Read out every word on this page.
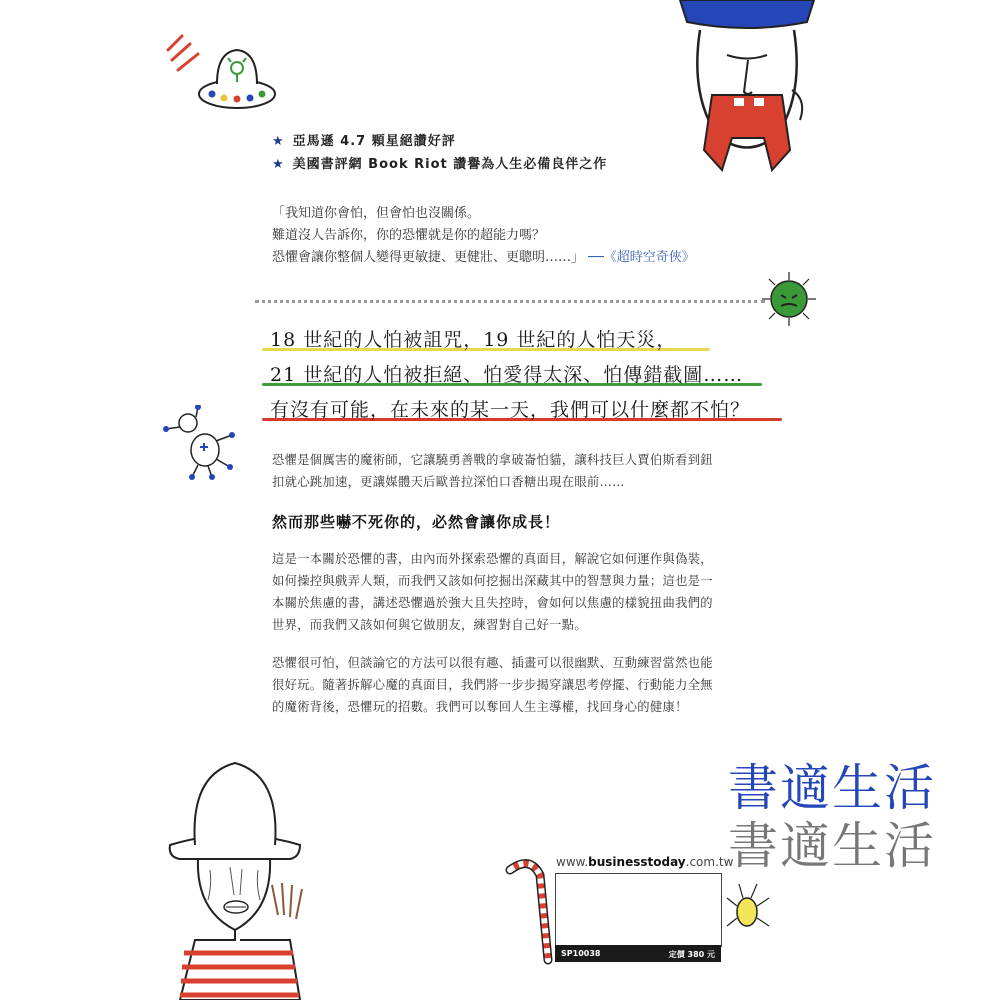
★ 亞馬遜 4.7 顆星絕讚好評
★ 美國書評網 Book Riot 讚譽為人生必備良伴之作
「我知道你會怕，但會怕也沒關係。
難道沒人告訴你，你的恐懼就是你的超能力嗎？
恐懼會讓你整個人變得更敏捷、更健壯、更聰明……」 ──《超時空奇俠》
18 世紀的人怕被詛咒，19 世紀的人怕天災，
21 世紀的人怕被拒絕、怕愛得太深、怕傳錯截圖……
有沒有可能，在未來的某一天，我們可以什麼都不怕？
恐懼是個厲害的魔術師，它讓驍勇善戰的拿破崙怕貓，讓科技巨人賈伯斯看到鈕
扣就心跳加速，更讓媒體天后歐普拉深怕口香糖出現在眼前……
然而那些嚇不死你的，必然會讓你成長！
這是一本關於恐懼的書，由內而外探索恐懼的真面目，解說它如何運作與偽裝，
如何操控與戲弄人類，而我們又該如何挖掘出深藏其中的智慧與力量；這也是一
本關於焦慮的書，講述恐懼過於強大且失控時，會如何以焦慮的樣貌扭曲我們的
世界，而我們又該如何與它做朋友，練習對自己好一點。
恐懼很可怕，但談論它的方法可以很有趣、插畫可以很幽默、互動練習當然也能
很好玩。隨著拆解心魔的真面目，我們將一步步揭穿讓思考停擺、行動能力全無
的魔術背後，恐懼玩的招數。我們可以奪回人生主導權，找回身心的健康！
書適生活
書適生活
www.businesstoday.com.tw
SP10038	定價 380 元
